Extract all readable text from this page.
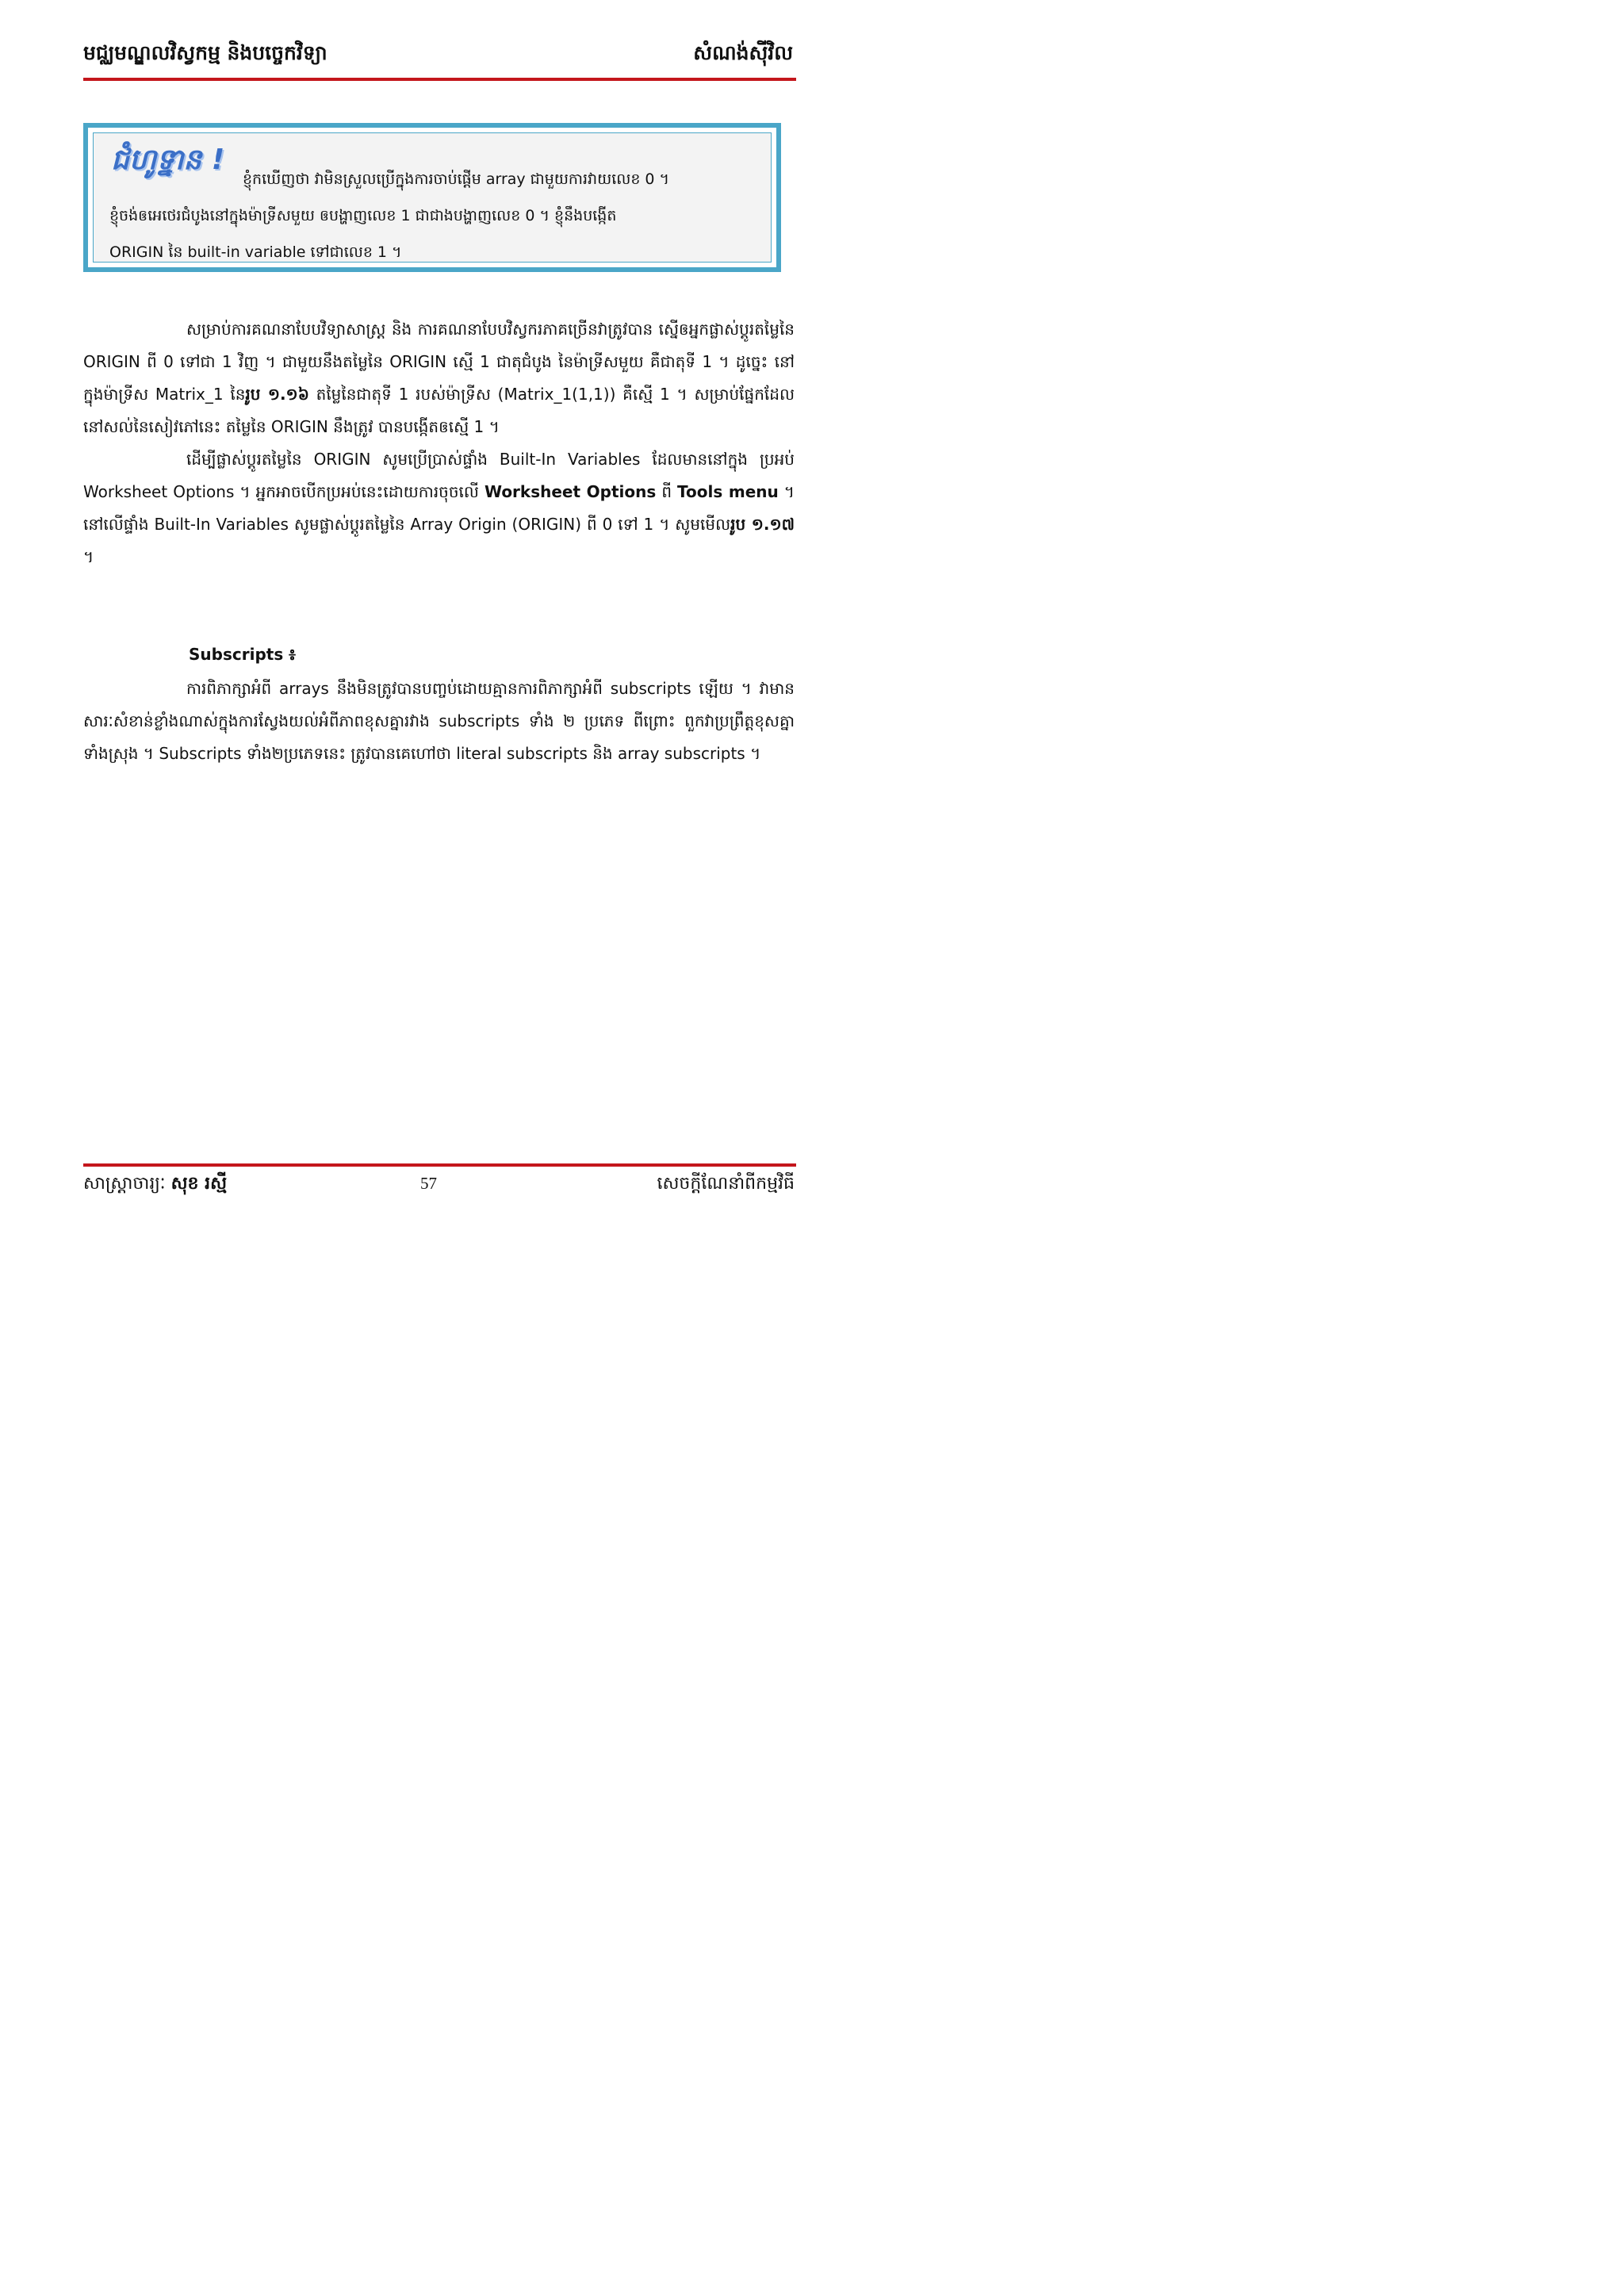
មជ្ឈមណ្ឌលវិស្វកម្ម និងបច្ចេកវិទ្យា	សំណង់ស៊ីវិល
ជំហូទ្នាន !
ខ្ញុំកឃើញថា វាមិនស្រួលប្រើក្នុងការចាប់ផ្តើម array ជាមួយការវាយលេខ 0 ។
ខ្ញុំចង់ឲអេថេរជំបូងនៅក្នុងម៉ាទ្រីសមួយ ឲបង្ហាញលេខ 1 ជាជាងបង្ហាញលេខ 0 ។ ខ្ញុំនឹងបង្កើត
ORIGIN នៃ built-in variable ទៅជាលេខ 1 ។

សម្រាប់ការគណនាបែបវិទ្យាសាស្ត្រ និង ការគណនាបែបវិស្វករភាគច្រើនវាត្រូវបាន ស្នើឲអ្នកផ្លាស់ប្តូរតម្លៃនៃ ORIGIN ពី 0 ទៅជា 1 វិញ ។ ជាមួយនឹងតម្លៃនៃ ORIGIN ស្មើ 1 ជាតុជំបូង នៃម៉ាទ្រីសមួយ គឺជាតុទី 1 ។ ដូច្នេះ នៅក្នុងម៉ាទ្រីស Matrix_1 នៃរូប ១.១៦ តម្លៃនៃជាតុទី 1 របស់ម៉ាទ្រីស (Matrix_1(1,1)) គឺស្មើ 1 ។ សម្រាប់ផ្នែកដែលនៅសល់នៃសៀវភៅនេះ តម្លៃនៃ ORIGIN នឹងត្រូវ បានបង្កើតឲស្មើ 1 ។

ដើម្បីផ្លាស់ប្តូរតម្លៃនៃ ORIGIN សូមប្រើប្រាស់ផ្ទាំង Built-In Variables ដែលមាននៅក្នុង ប្រអប់ Worksheet Options ។ អ្នកអាចបើកប្រអប់នេះដោយការចុចលើ Worksheet Options ពី Tools menu ។ នៅលើផ្ទាំង Built-In Variables សូមផ្លាស់ប្តូរតម្លៃនៃ Array Origin (ORIGIN) ពី 0 ទៅ 1 ។ សូមមើលរូប ១.១៧ ។

Subscripts ៖

ការពិភាក្សាអំពី arrays នឹងមិនត្រូវបានបញ្ចប់ដោយគ្មានការពិភាក្សាអំពី subscripts ឡើយ ។ វាមានសារៈសំខាន់ខ្លាំងណាស់ក្នុងការស្វែងយល់អំពីភាពខុសគ្នារវាង subscripts ទាំង ២ ប្រភេទ ពីព្រោះ ពួកវាប្រព្រឹត្តខុសគ្នាទាំងស្រុង ។ Subscripts ទាំង២ប្រភេទនេះ ត្រូវបានគេហៅថា literal subscripts និង array subscripts ។

សាស្ត្រាចារ្យៈ សុខ រស្មី	57	សេចក្តីណែនាំពីកម្មវិធី
